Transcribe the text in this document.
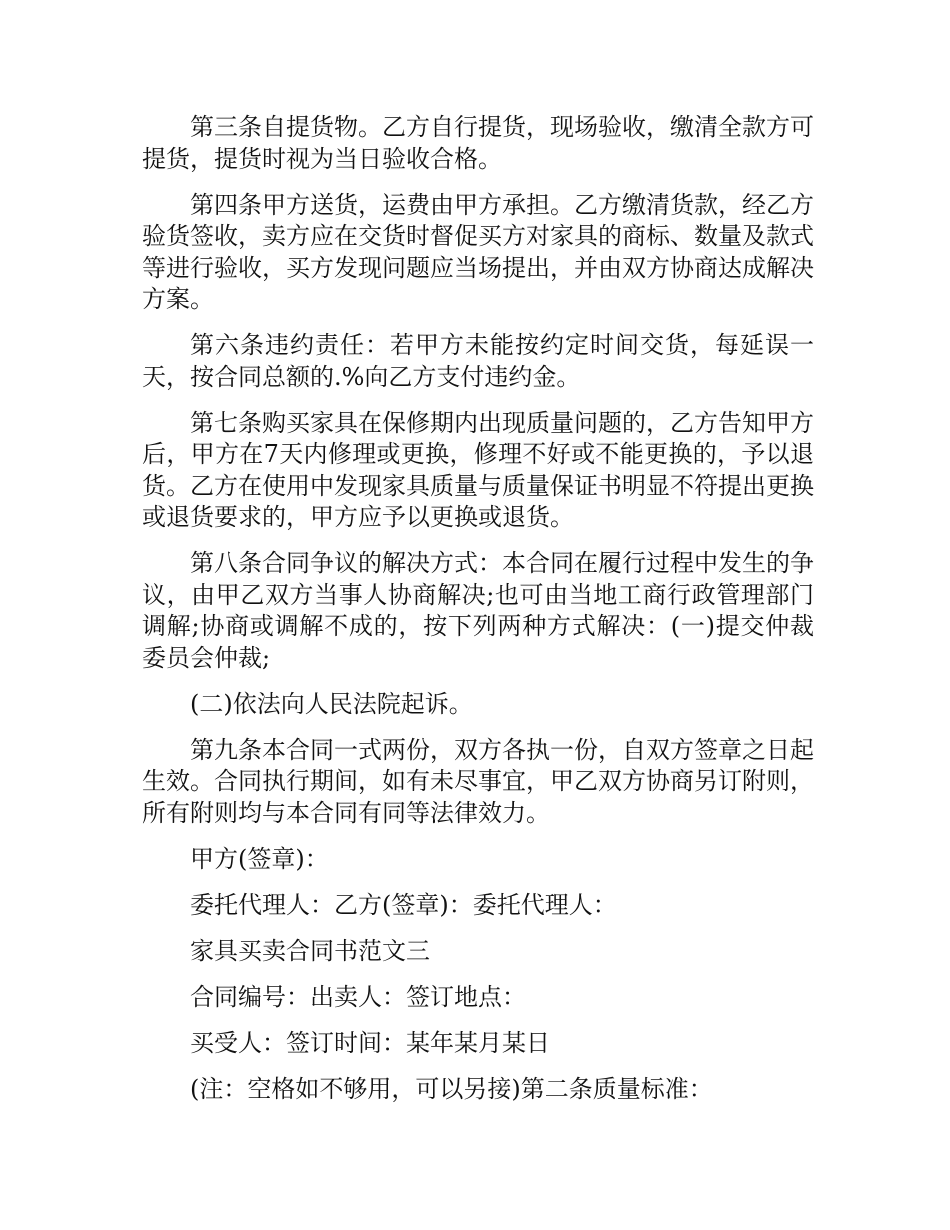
第三条自提货物。乙方自行提货，现场验收，缴清全款方可提货，提货时视为当日验收合格。

第四条甲方送货，运费由甲方承担。乙方缴清货款，经乙方验货签收，卖方应在交货时督促买方对家具的商标、数量及款式等进行验收，买方发现问题应当场提出，并由双方协商达成解决方案。

第六条违约责任：若甲方未能按约定时间交货，每延误一天，按合同总额的.%向乙方支付违约金。

第七条购买家具在保修期内出现质量问题的，乙方告知甲方后，甲方在7天内修理或更换，修理不好或不能更换的，予以退货。乙方在使用中发现家具质量与质量保证书明显不符提出更换或退货要求的，甲方应予以更换或退货。

第八条合同争议的解决方式：本合同在履行过程中发生的争议，由甲乙双方当事人协商解决;也可由当地工商行政管理部门调解;协商或调解不成的，按下列两种方式解决：(一)提交仲裁委员会仲裁;

(二)依法向人民法院起诉。

第九条本合同一式两份，双方各执一份，自双方签章之日起生效。合同执行期间，如有未尽事宜，甲乙双方协商另订附则，所有附则均与本合同有同等法律效力。

甲方(签章)：

委托代理人：乙方(签章)：委托代理人：

家具买卖合同书范文三

合同编号：出卖人：签订地点：

买受人：签订时间：某年某月某日

(注：空格如不够用，可以另接)第二条质量标准：
